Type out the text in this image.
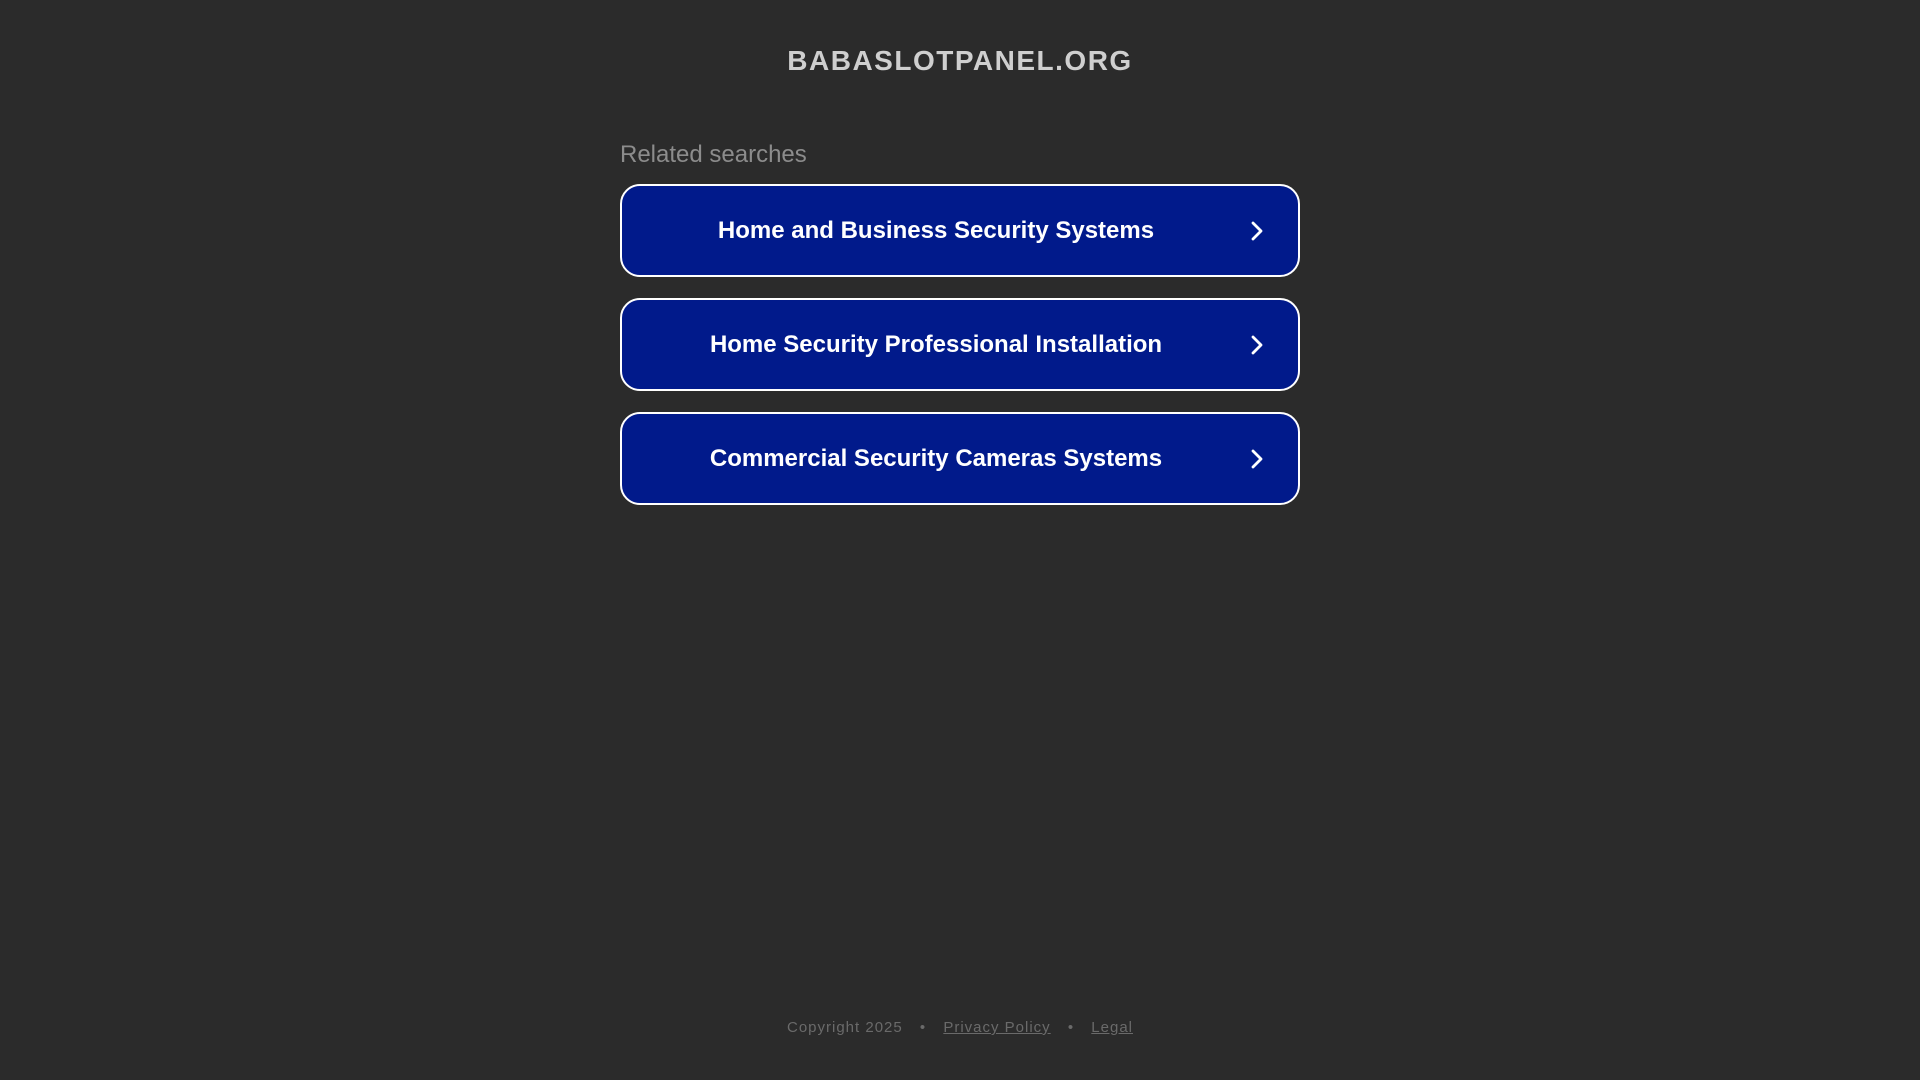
BABASLOTPANEL.ORG
Related searches
Home and Business Security Systems
Home Security Professional Installation
Commercial Security Cameras Systems
Copyright 2025 • Privacy Policy • Legal
